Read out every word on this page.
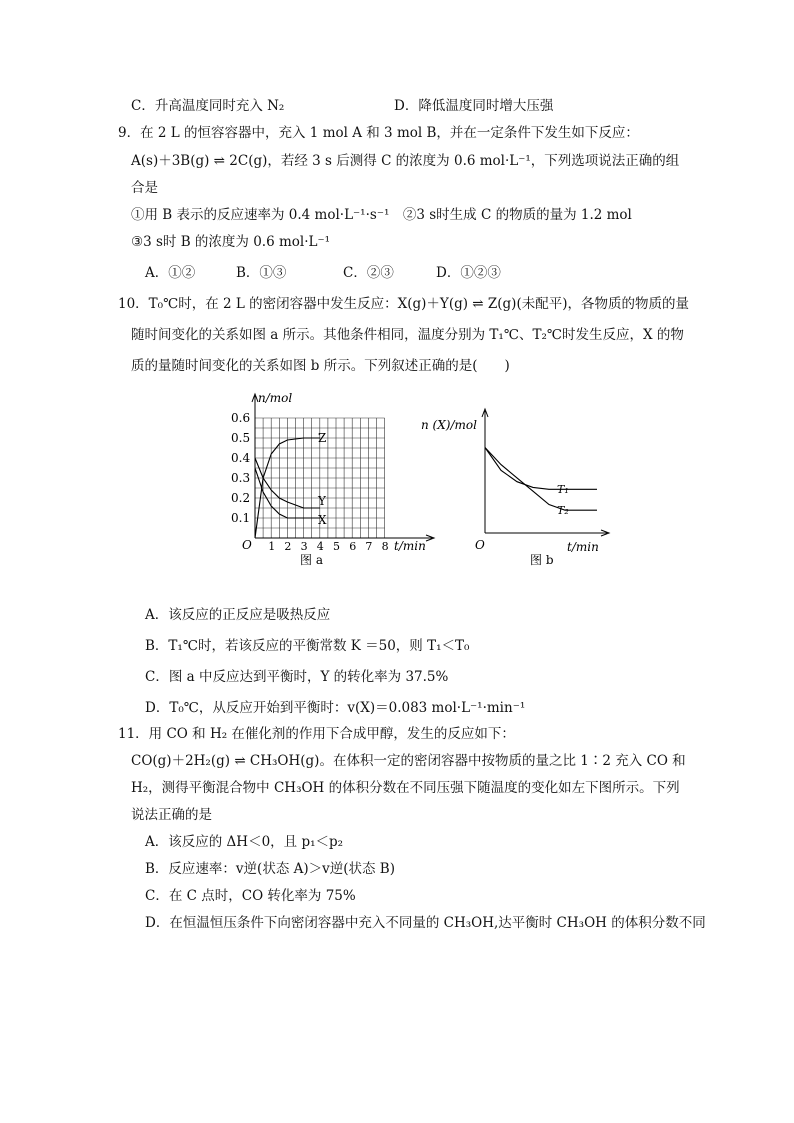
C．升高温度同时充入 N₂	D．降低温度同时增大压强
9．在 2 L 的恒容容器中，充入 1 mol A 和 3 mol B，并在一定条件下发生如下反应：
A(s)＋3B(g) ⇌ 2C(g)，若经 3 s 后测得 C 的浓度为 0.6 mol·L⁻¹，下列选项说法正确的组
合是
①用 B 表示的反应速率为 0.4 mol·L⁻¹·s⁻¹　②3 s时生成 C 的物质的量为 1.2 mol
③3 s时 B 的浓度为 0.6 mol·L⁻¹
A．①②	B．①③	C．②③	D．①②③
10．T₀℃时，在 2 L 的密闭容器中发生反应：X(g)＋Y(g) ⇌ Z(g)(未配平)，各物质的物质的量
随时间变化的关系如图 a 所示。其他条件相同，温度分别为 T₁℃、T₂℃时发生反应，X 的物
质的量随时间变化的关系如图 b 所示。下列叙述正确的是(　　)
n/mol
t/min
O
0.1
0.2
0.3
0.4
0.5
0.6
1 2 3 4 5 6 7 8
Z
Y
X
图 a
n (X)/mol
t/min
O
T₁
T₂
图 b
A．该反应的正反应是吸热反应
B．T₁℃时，若该反应的平衡常数 K ＝50，则 T₁＜T₀
C．图 a 中反应达到平衡时，Y 的转化率为 37.5%
D．T₀℃，从反应开始到平衡时：v(X)＝0.083 mol·L⁻¹·min⁻¹
11．用 CO 和 H₂ 在催化剂的作用下合成甲醇，发生的反应如下：
CO(g)＋2H₂(g) ⇌ CH₃OH(g)。在体积一定的密闭容器中按物质的量之比 1∶2 充入 CO 和
H₂，测得平衡混合物中 CH₃OH 的体积分数在不同压强下随温度的变化如左下图所示。下列
说法正确的是
A．该反应的 ΔH＜0，且 p₁＜p₂
B．反应速率：v逆(状态 A)＞v逆(状态 B)
C．在 C 点时，CO 转化率为 75%
D．在恒温恒压条件下向密闭容器中充入不同量的 CH₃OH,达平衡时 CH₃OH 的体积分数不同
